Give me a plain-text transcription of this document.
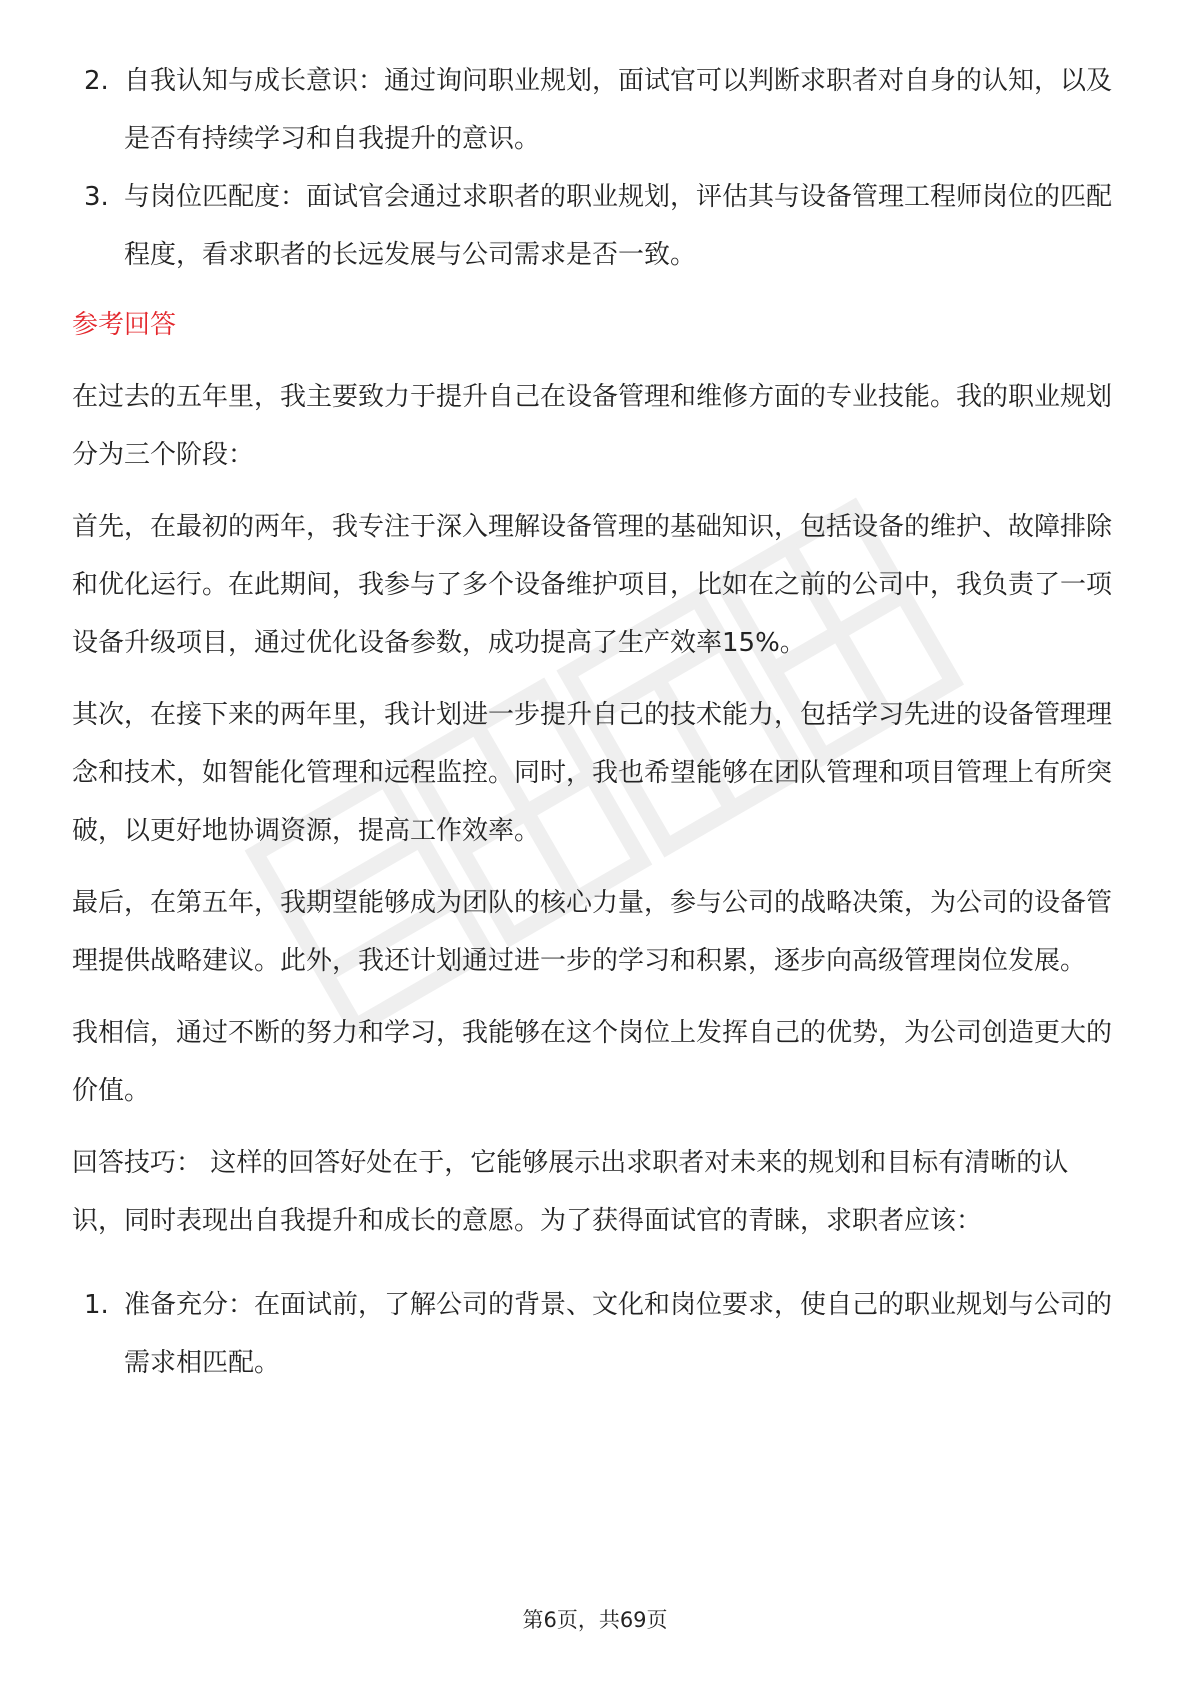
2. 自我认知与成长意识：通过询问职业规划，面试官可以判断求职者对自身的认知，以及是否有持续学习和自我提升的意识。
3. 与岗位匹配度：面试官会通过求职者的职业规划，评估其与设备管理工程师岗位的匹配程度，看求职者的长远发展与公司需求是否一致。
参考回答

在过去的五年里，我主要致力于提升自己在设备管理和维修方面的专业技能。我的职业规划分为三个阶段：

首先，在最初的两年，我专注于深入理解设备管理的基础知识，包括设备的维护、故障排除和优化运行。在此期间，我参与了多个设备维护项目，比如在之前的公司中，我负责了一项设备升级项目，通过优化设备参数，成功提高了生产效率15%。

其次，在接下来的两年里，我计划进一步提升自己的技术能力，包括学习先进的设备管理理念和技术，如智能化管理和远程监控。同时，我也希望能够在团队管理和项目管理上有所突破，以更好地协调资源，提高工作效率。

最后，在第五年，我期望能够成为团队的核心力量，参与公司的战略决策，为公司的设备管理提供战略建议。此外，我还计划通过进一步的学习和积累，逐步向高级管理岗位发展。

我相信，通过不断的努力和学习，我能够在这个岗位上发挥自己的优势，为公司创造更大的价值。

回答技巧： 这样的回答好处在于，它能够展示出求职者对未来的规划和目标有清晰的认识，同时表现出自我提升和成长的意愿。为了获得面试官的青睐，求职者应该：

1. 准备充分：在面试前，了解公司的背景、文化和岗位要求，使自己的职业规划与公司的需求相匹配。
第6页，共69页
